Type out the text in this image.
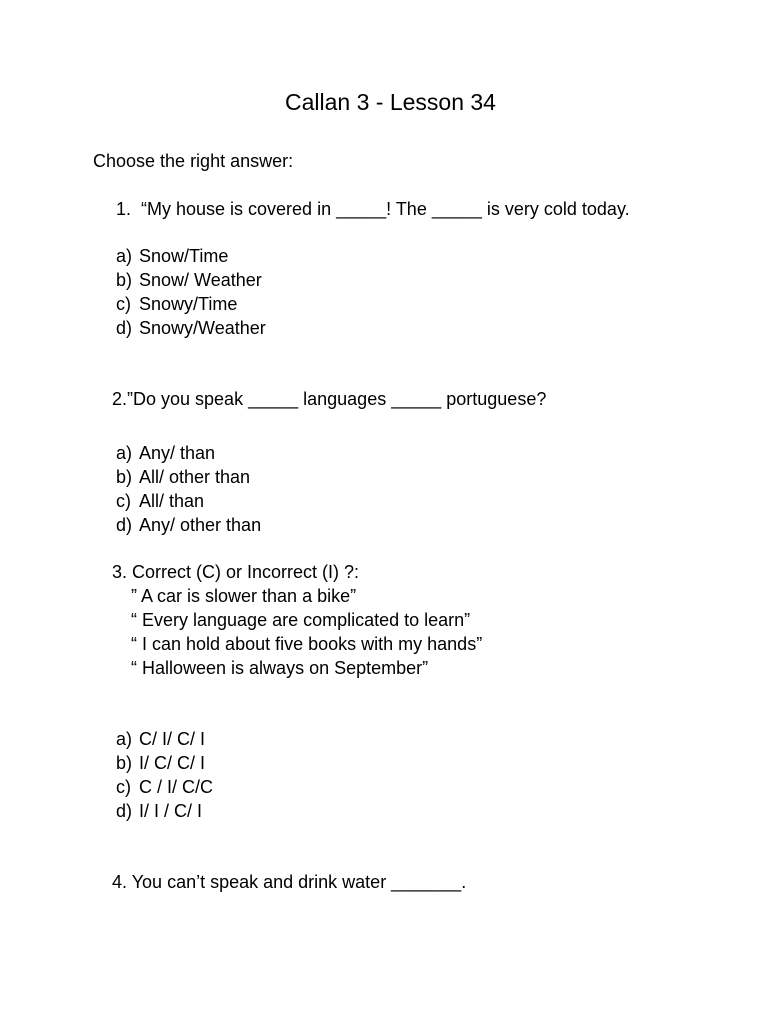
Callan 3 - Lesson 34
Choose the right answer:
1. “My house is covered in _____! The _____ is very cold today.
a) Snow/Time
b) Snow/ Weather
c) Snowy/Time
d) Snowy/Weather
2.”Do you speak _____ languages _____ portuguese?
a) Any/ than
b) All/ other than
c) All/ than
d) Any/ other than
3. Correct (C) or Incorrect (I) ?:
” A car is slower than a bike”
“ Every language are complicated to learn”
“ I can hold about five books with my hands”
“ Halloween is always on September”
a) C/ I/ C/ I
b) I/ C/ C/ I
c) C / I/ C/C
d) I/ I / C/ I
4. You can’t speak and drink water _______.
